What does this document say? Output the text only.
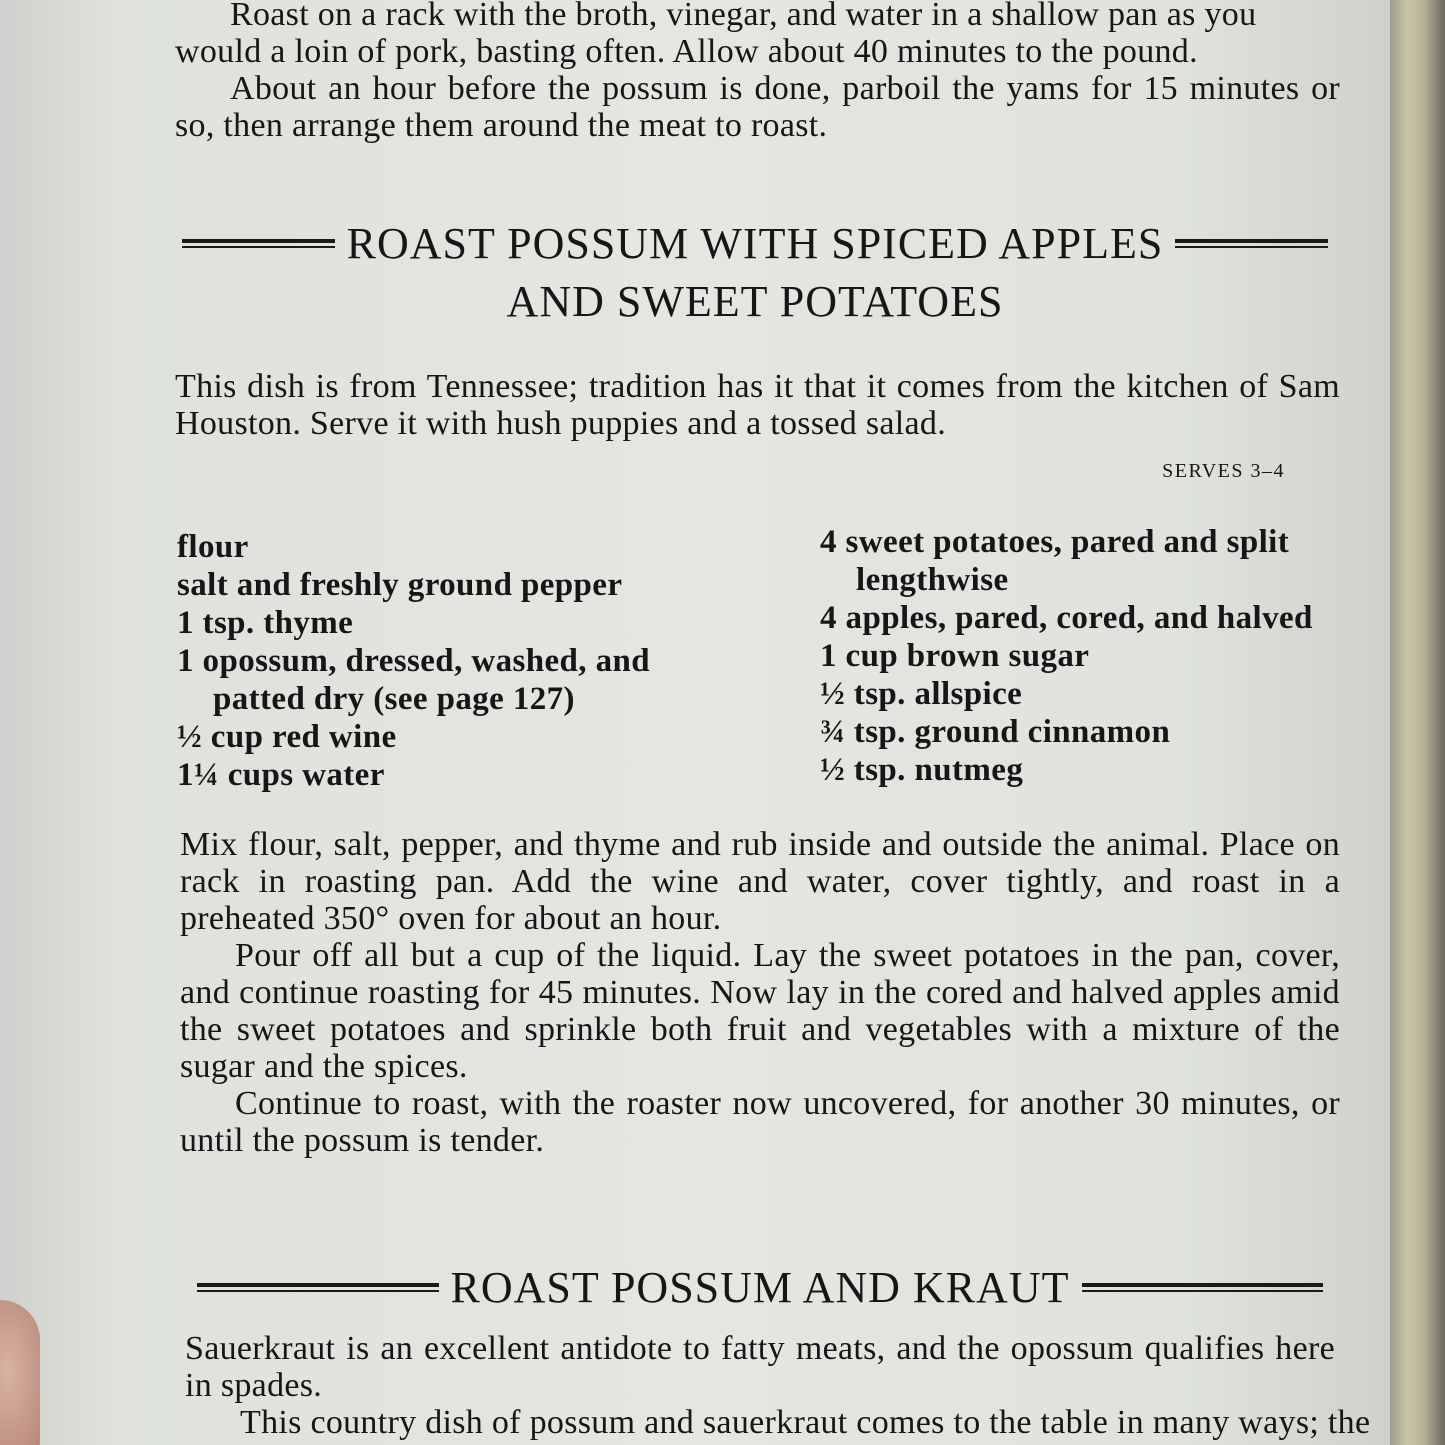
Roast on a rack with the broth, vinegar, and water in a shallow pan as you

would a loin of pork, basting often. Allow about 40 minutes to the pound.

About an hour before the possum is done, parboil the yams for 15 minutes or so, then arrange them around the meat to roast.

ROAST POSSUM WITH SPICED APPLES
AND SWEET POTATOES

This dish is from Tennessee; tradition has it that it comes from the kitchen of Sam Houston. Serve it with hush puppies and a tossed salad.

SERVES 3–4
flour
salt and freshly ground pepper
1 tsp. thyme
1 opossum, dressed, washed, and
patted dry (see page 127)
½ cup red wine
1¼ cups water
4 sweet potatoes, pared and split
lengthwise
4 apples, pared, cored, and halved
1 cup brown sugar
½ tsp. allspice
¾ tsp. ground cinnamon
½ tsp. nutmeg

Mix flour, salt, pepper, and thyme and rub inside and outside the animal. Place on rack in roasting pan. Add the wine and water, cover tightly, and roast in a preheated 350° oven for about an hour.

Pour off all but a cup of the liquid. Lay the sweet potatoes in the pan, cover, and continue roasting for 45 minutes. Now lay in the cored and halved apples amid the sweet potatoes and sprinkle both fruit and vegetables with a mixture of the sugar and the spices.

Continue to roast, with the roaster now uncovered, for another 30 minutes, or until the possum is tender.

ROAST POSSUM AND KRAUT

Sauerkraut is an excellent antidote to fatty meats, and the opossum qualifies here in spades.

This country dish of possum and sauerkraut comes to the table in many ways; the
